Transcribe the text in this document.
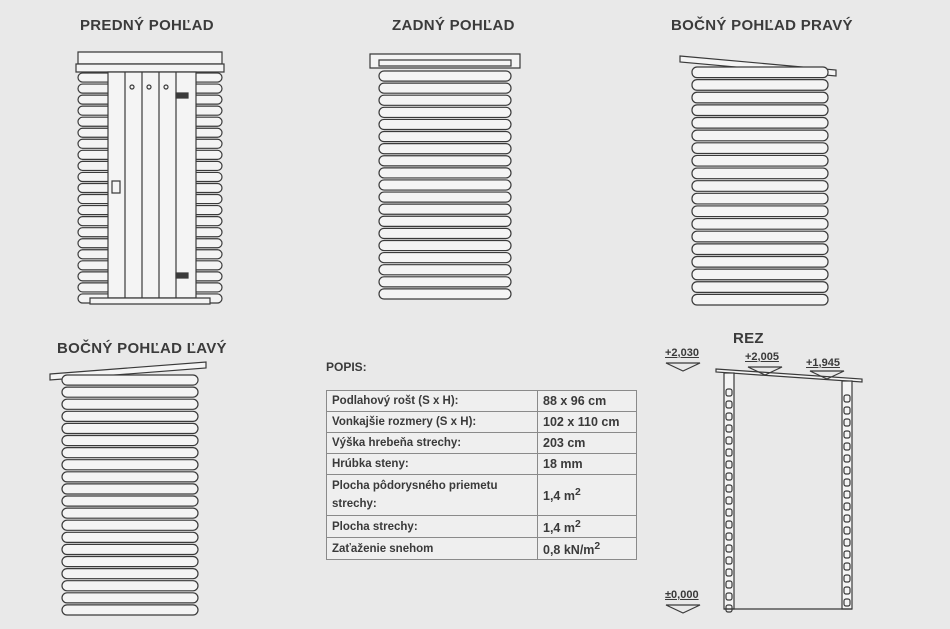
PREDNÝ POHĽAD	ZADNÝ POHĽAD	BOČNÝ POHĽAD PRAVÝ
BOČNÝ POHĽAD ĽAVÝ
REZ
+2,030	+2,005 +1,945
±0,000
POPIS:
Podlahový rošt (S x H):	88 x 96 cm
Vonkajšie rozmery (S x H):	102 x 110 cm
Výška hrebeňa strechy:	203 cm
Hrúbka steny:	18 mm
Plocha pôdorysného priemetu strechy:	1,4 $m^2$
Plocha strechy:	1,4 $m^2$
Zaťaženie snehom	0,8 $kN/m^2$
